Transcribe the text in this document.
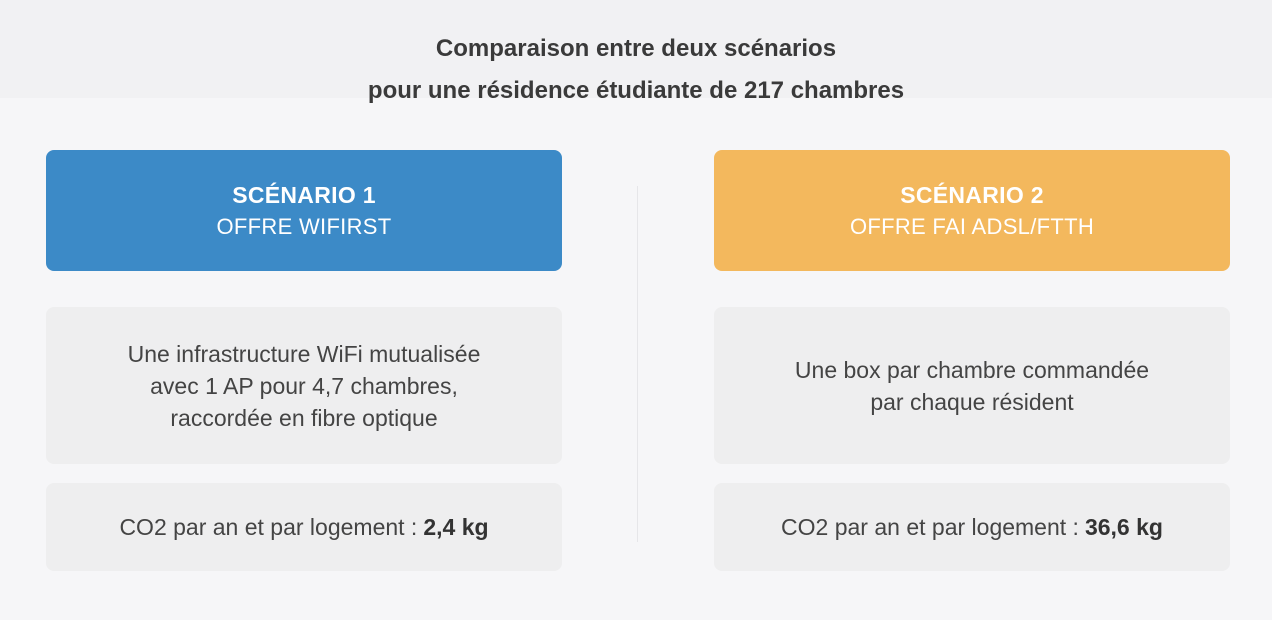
Comparaison entre deux scénarios
pour une résidence étudiante de 217 chambres
SCÉNARIO 1
OFFRE WIFIRST
Une infrastructure WiFi mutualisée
avec 1 AP pour 4,7 chambres,
raccordée en fibre optique
CO2 par an et par logement : 2,4 kg
SCÉNARIO 2
OFFRE FAI ADSL/FTTH
Une box par chambre commandée
par chaque résident
CO2 par an et par logement : 36,6 kg
